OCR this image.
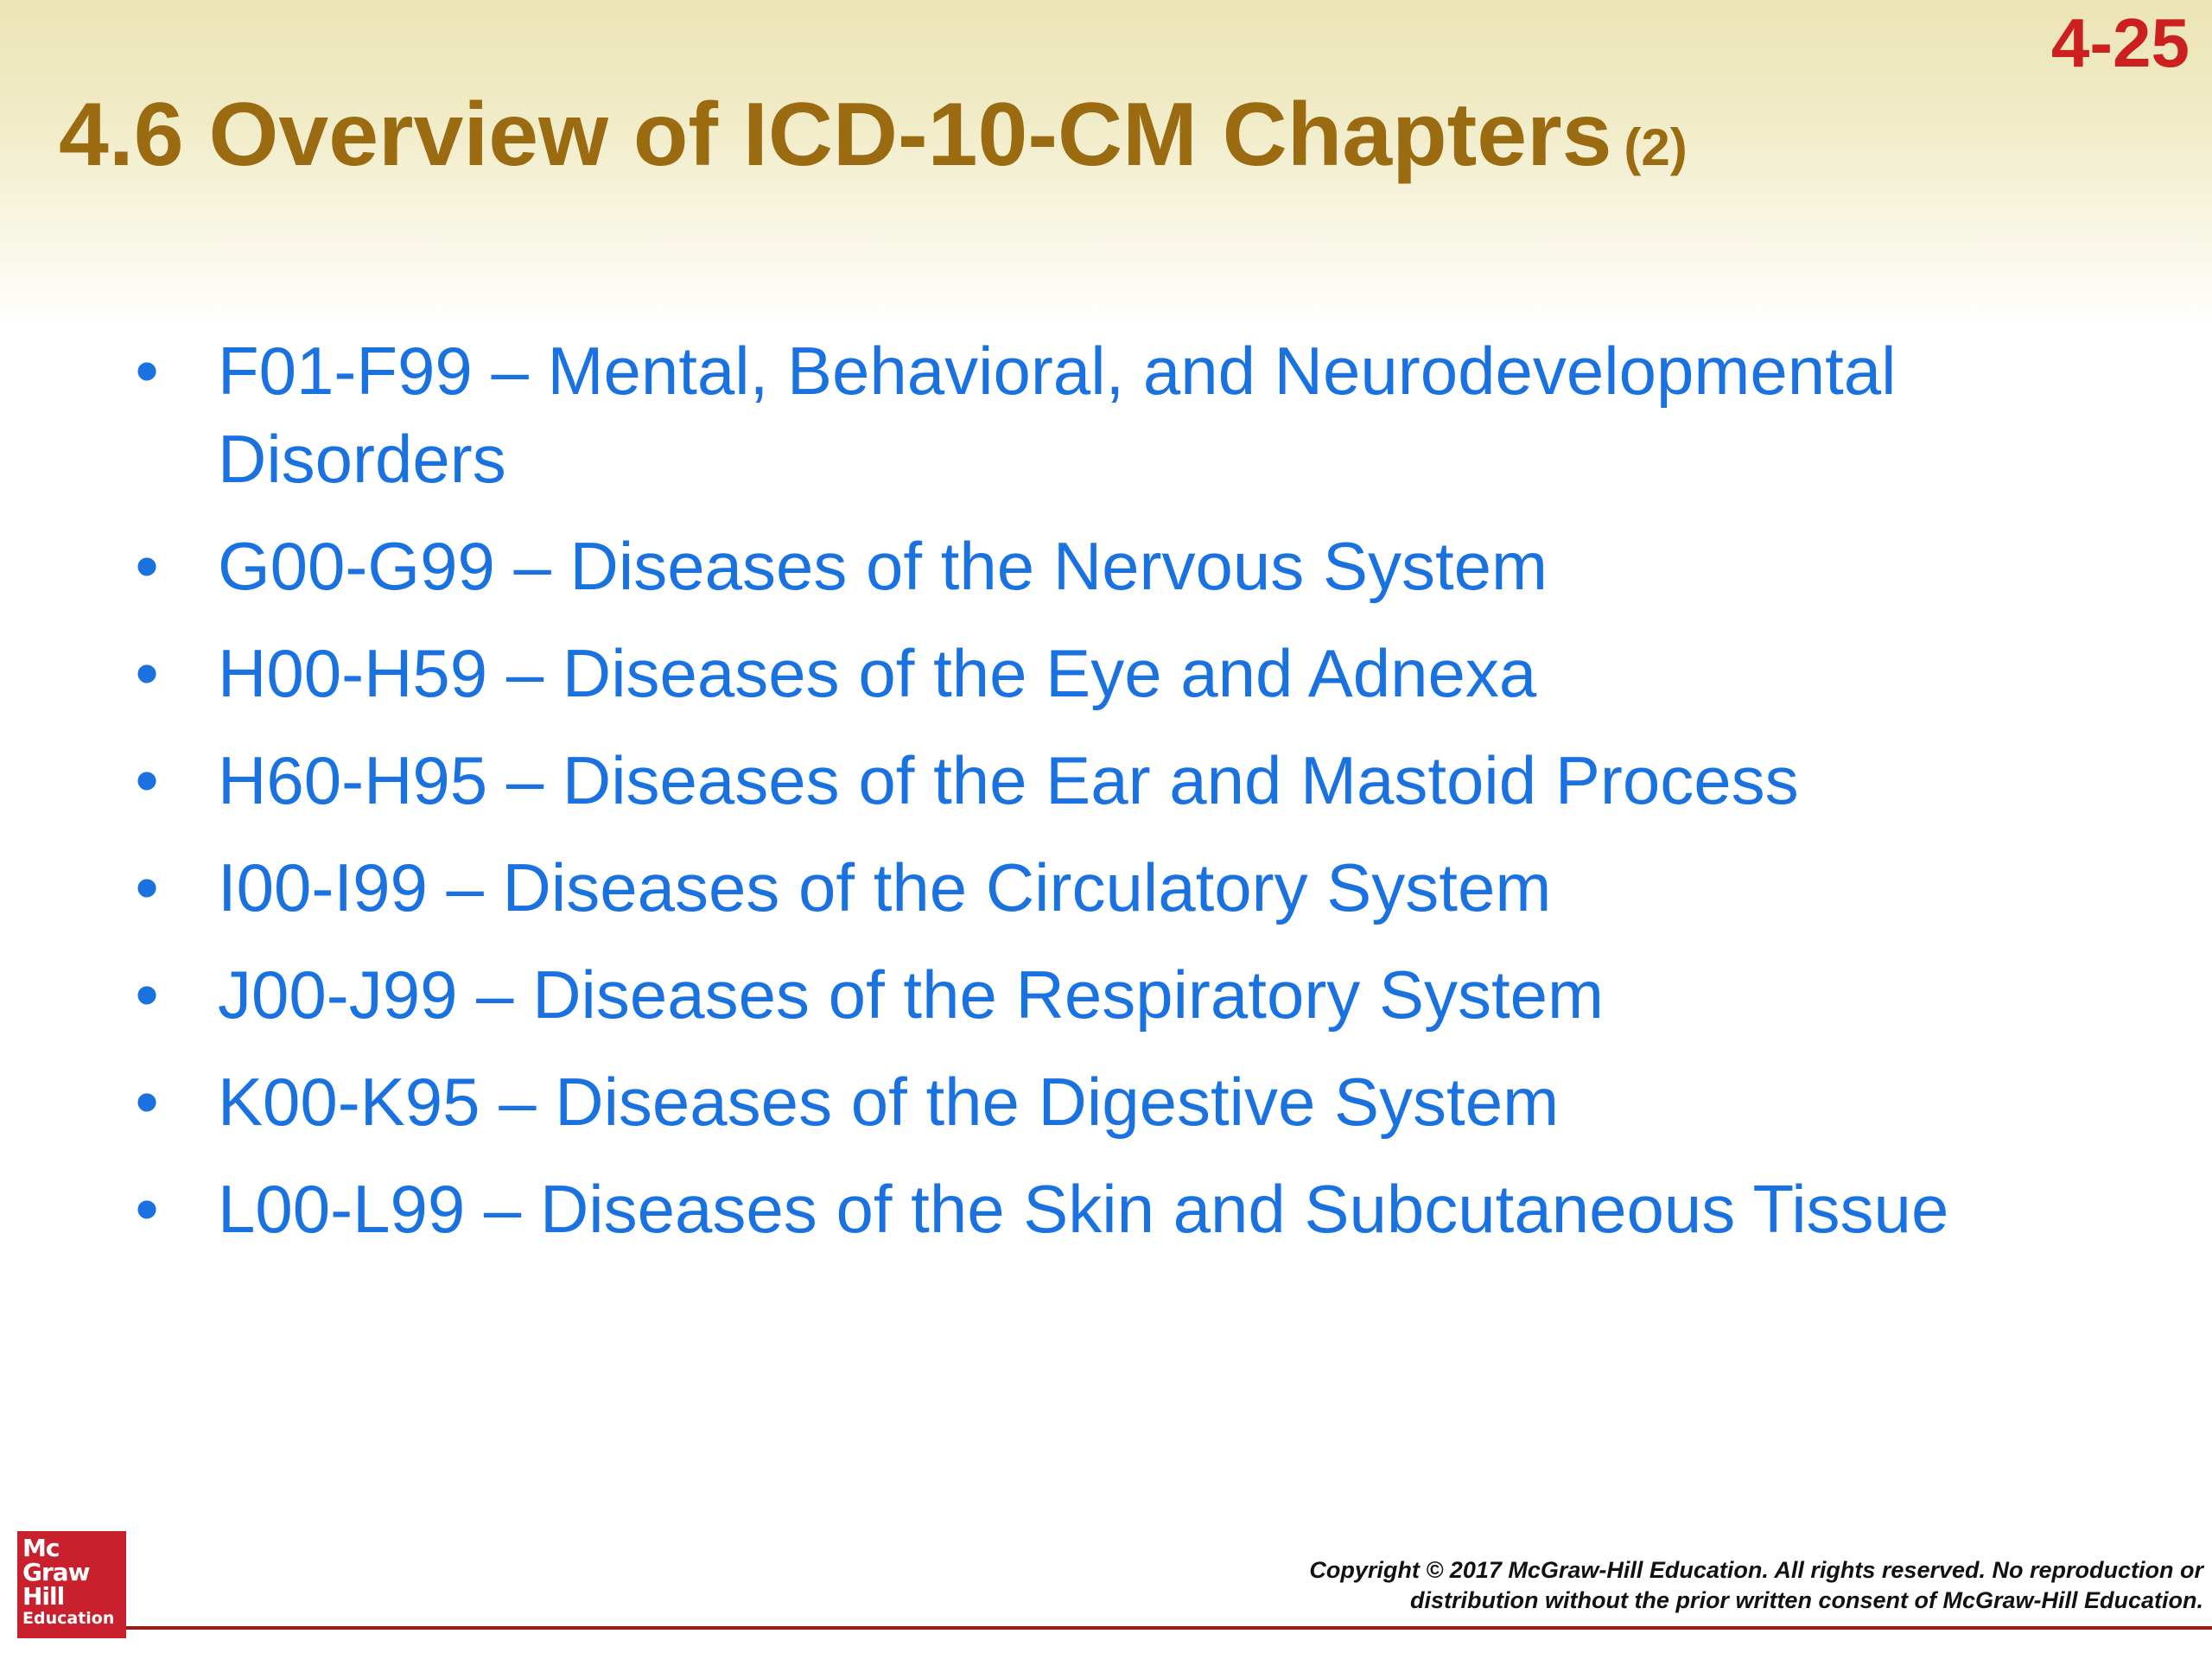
4-25
4.6 Overview of ICD-10-CM Chapters (2)
• F01-F99 – Mental, Behavioral, and Neurodevelopmental Disorders
• G00-G99 – Diseases of the Nervous System
• H00-H59 – Diseases of the Eye and Adnexa
• H60-H95 – Diseases of the Ear and Mastoid Process
• I00-I99 – Diseases of the Circulatory System
• J00-J99 – Diseases of the Respiratory System
• K00-K95 – Diseases of the Digestive System
• L00-L99 – Diseases of the Skin and Subcutaneous Tissue
Mc
Graw
Hill
Education
Copyright © 2017 McGraw-Hill Education. All rights reserved. No reproduction or
distribution without the prior written consent of McGraw-Hill Education.
